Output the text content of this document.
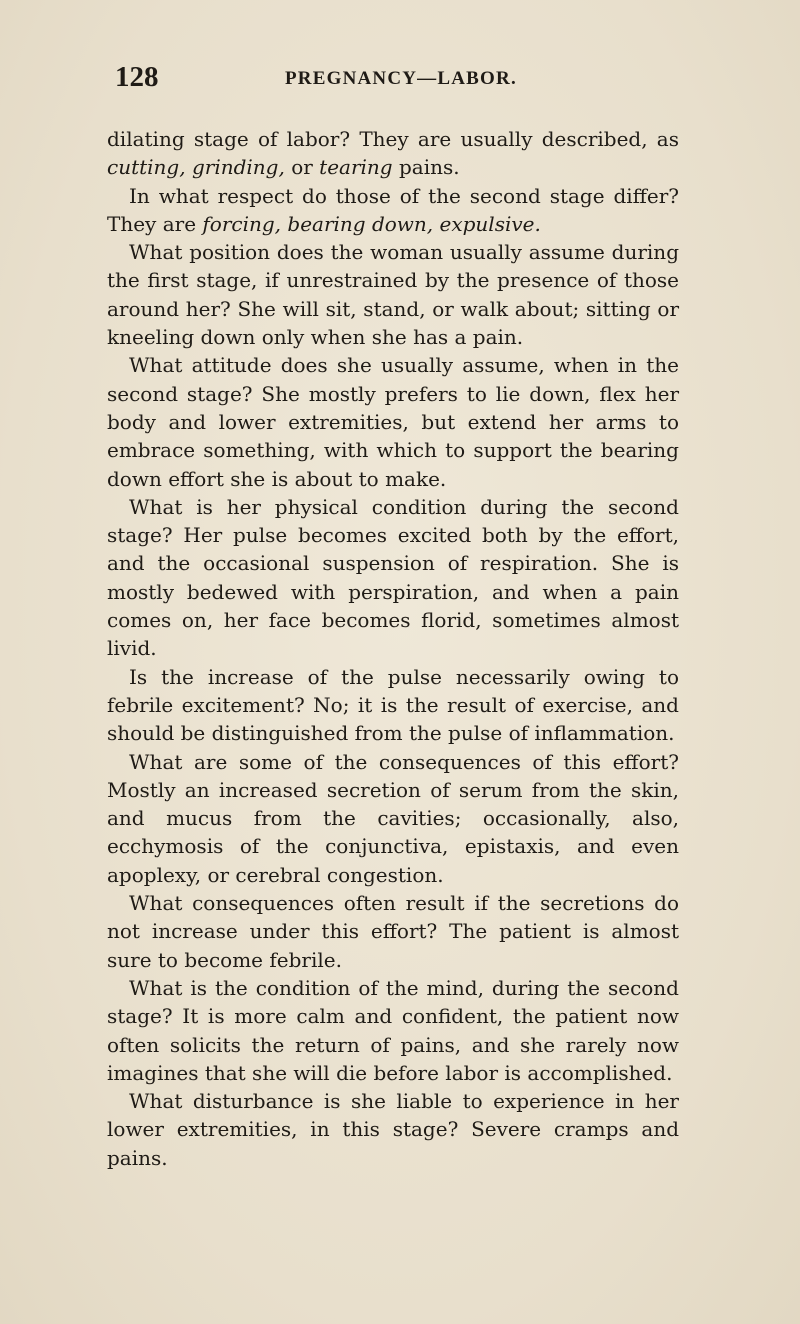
128	PREGNANCY—LABOR.

dilating stage of labor? They are usually described, as cutting, grinding, or tearing pains.

In what respect do those of the second stage differ? They are forcing, bearing down, expulsive.

What position does the woman usually assume during the first stage, if unrestrained by the presence of those around her? She will sit, stand, or walk about; sitting or kneeling down only when she has a pain.

What attitude does she usually assume, when in the second stage? She mostly prefers to lie down, flex her body and lower extremities, but extend her arms to embrace something, with which to support the bearing down effort she is about to make.

What is her physical condition during the second stage? Her pulse becomes excited both by the effort, and the occasional suspension of respiration. She is mostly bedewed with perspiration, and when a pain comes on, her face becomes florid, sometimes almost livid.

Is the increase of the pulse necessarily owing to febrile excitement? No; it is the result of exercise, and should be distinguished from the pulse of inflammation.

What are some of the consequences of this effort? Mostly an increased secretion of serum from the skin, and mucus from the cavities; occasionally, also, ecchymosis of the conjunctiva, epistaxis, and even apoplexy, or cerebral congestion.

What consequences often result if the secretions do not increase under this effort? The patient is almost sure to become febrile.

What is the condition of the mind, during the second stage? It is more calm and confident, the patient now often solicits the return of pains, and she rarely now imagines that she will die before labor is accomplished.

What disturbance is she liable to experience in her lower extremities, in this stage? Severe cramps and pains.
